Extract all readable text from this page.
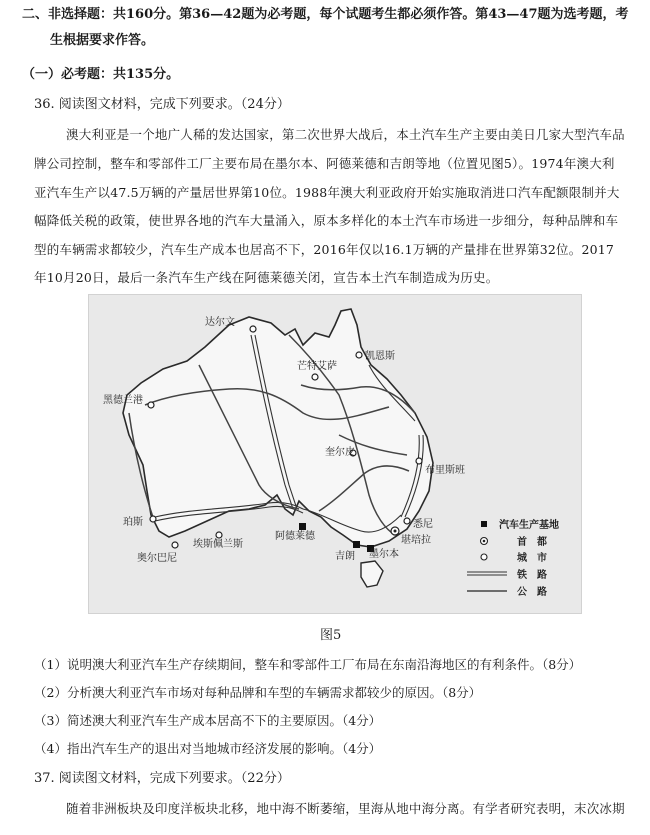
二、非选择题：共160分。第36—42题为必考题，每个试题考生都必须作答。第43—47题为选考题，考
生根据要求作答。
（一）必考题：共135分。
36. 阅读图文材料，完成下列要求。（24分）
澳大利亚是一个地广人稀的发达国家，第二次世界大战后，本土汽车生产主要由美日几家大型汽车品
牌公司控制，整车和零部件工厂主要布局在墨尔本、阿德莱德和吉朗等地（位置见图5）。1974年澳大利
亚汽车生产以47.5万辆的产量居世界第10位。1988年澳大利亚政府开始实施取消进口汽车配额限制并大
幅降低关税的政策，使世界各地的汽车大量涌入，原本多样化的本土汽车市场进一步细分，每种品牌和车
型的车辆需求都较少，汽车生产成本也居高不下，2016年仅以16.1万辆的产量排在世界第32位。2017
年10月20日，最后一条汽车生产线在阿德莱德关闭，宣告本土汽车制造成为历史。
达尔文
凯恩斯
芒特艾萨
黑德兰港
奎尔皮
布里斯班
珀斯
埃斯佩兰斯
奥尔巴尼
阿德莱德
悉尼
堪培拉
吉朗 墨尔本
汽车生产基地
首　都
城　市
铁　路
公　路
图5
（1）说明澳大利亚汽车生产存续期间，整车和零部件工厂布局在东南沿海地区的有利条件。（8分）
（2）分析澳大利亚汽车市场对每种品牌和车型的车辆需求都较少的原因。（8分）
（3）简述澳大利亚汽车生产成本居高不下的主要原因。（4分）
（4）指出汽车生产的退出对当地城市经济发展的影响。（4分）
37. 阅读图文材料，完成下列要求。（22分）
随着非洲板块及印度洋板块北移，地中海不断萎缩，里海从地中海分离。有学者研究表明，末次冰期
